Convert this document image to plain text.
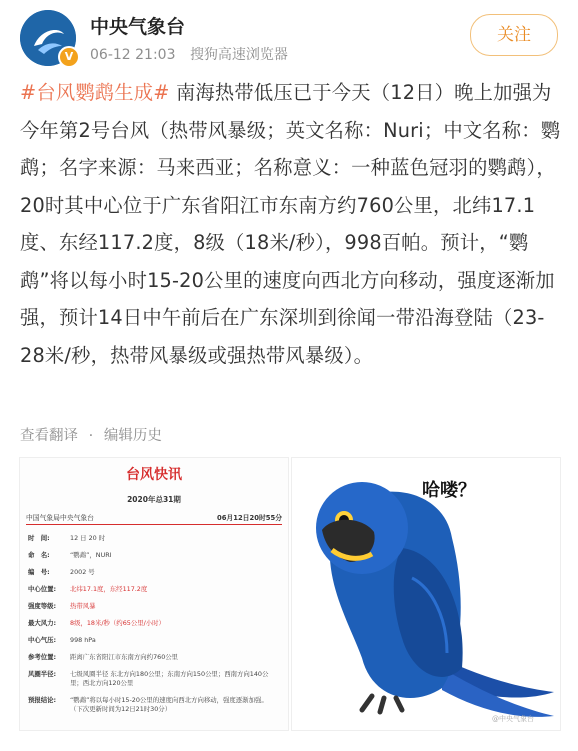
V
中央气象台
06-12 21:03 搜狗高速浏览器
关注
#台风鹦鹉生成# 南海热带低压已于今天（12日）晚上加强为今年第2号台风（热带风暴级；英文名称：Nuri；中文名称：鹦鹉；名字来源：马来西亚；名称意义：一种蓝色冠羽的鹦鹉），20时其中心位于广东省阳江市东南方约760公里，北纬17.1度、东经117.2度，8级（18米/秒），998百帕。预计，“鹦鹉”将以每小时15-20公里的速度向西北方向移动，强度逐渐加强，预计14日中午前后在广东深圳到徐闻一带沿海登陆（23-28米/秒，热带风暴级或强热带风暴级）。
查看翻译 · 编辑历史
台风快讯
2020年总31期
中国气象局中央气象台	06月12日20时55分
时　间:	12 日 20 时
命　名:	“鹦鹉”，NURI
编　号:	2002 号
中心位置: 北纬17.1度，东经117.2度
强度等级: 热带风暴
最大风力: 8级，18米/秒（约65公里/小时）
中心气压: 998 hPa
参考位置: 距离广东省阳江市东南方向约760公里
风圈半径: 七级风圈半径 东北方向180公里；东南方向150公里；西南方向140公里；西北方向120公里
预报结论: “鹦鹉”将以每小时15-20公里的速度向西北方向移动，强度逐渐加强。
（下次更新时间为12日21时30分）
哈喽？
@中央气象台
